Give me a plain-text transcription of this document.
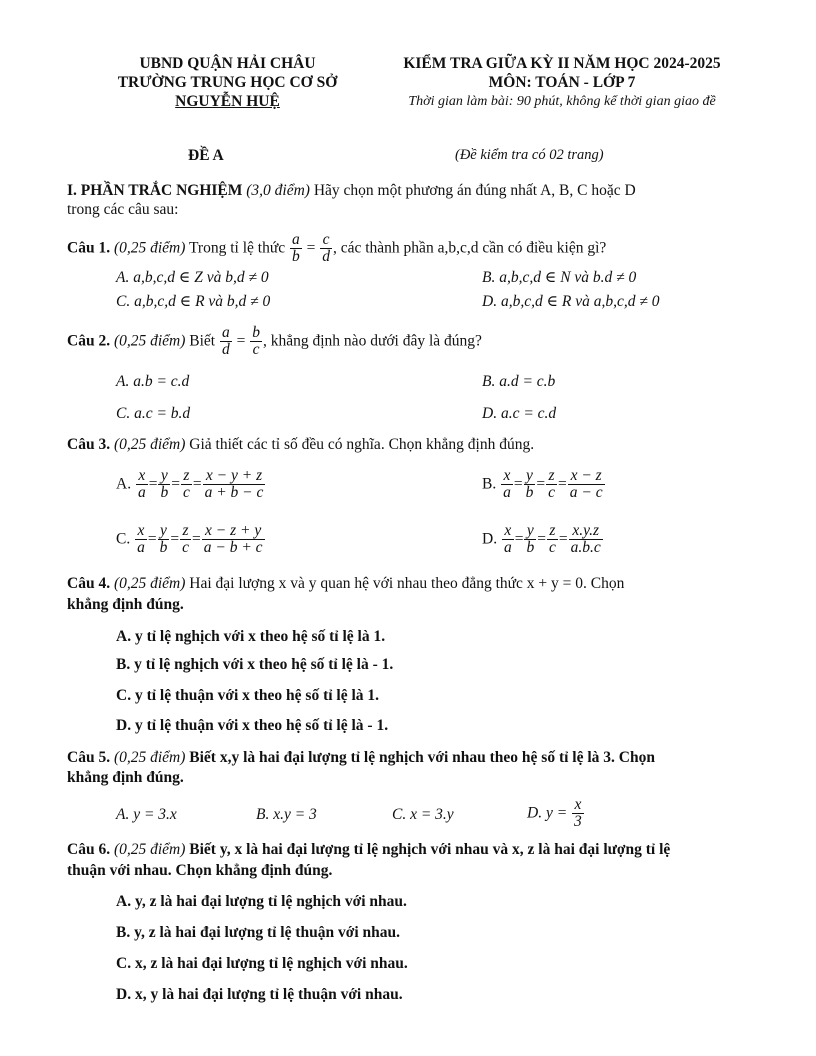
UBND QUẬN HẢI CHÂU
TRƯỜNG TRUNG HỌC CƠ SỞ
NGUYỄN HUỆ
KIỂM TRA GIỮA KỲ II NĂM HỌC 2024-2025
MÔN: TOÁN - LỚP 7
Thời gian làm bài: 90 phút, không kể thời gian giao đề
ĐỀ A	(Đề kiểm tra có 02 trang)
I. PHẦN TRẮC NGHIỆM (3,0 điểm) Hãy chọn một phương án đúng nhất A, B, C hoặc D
trong các câu sau:
Câu 1. (0,25 điểm) Trong tỉ lệ thức $\frac{a}{b} = \frac{c}{d}$ , các thành phần a,b,c,d cần có điều kiện gì?
A. a,b,c,d ∈ Z và b,d ≠ 0	B. a,b,c,d ∈ N và b.d ≠ 0
C. a,b,c,d ∈ R và b,d ≠ 0	D. a,b,c,d ∈ R và a,b,c,d ≠ 0
Câu 2. (0,25 điểm) Biết $\frac{a}{d} = \frac{b}{c}$ , khẳng định nào dưới đây là đúng?
A. a.b = c.d	B. a.d = c.b
C. a.c = b.d	D. a.c = c.d
Câu 3. (0,25 điểm) Giả thiết các tỉ số đều có nghĩa. Chọn khẳng định đúng.
A. $\frac{x}{a} = \frac{y}{b} = \frac{z}{c} = \frac{x - y + z}{a + b - c}$	B. $\frac{x}{a} = \frac{y}{b} = \frac{z}{c} = \frac{x - z}{a - c}$
C. $\frac{x}{a} = \frac{y}{b} = \frac{z}{c} = \frac{x - z + y}{a - b + c}$	D. $\frac{x}{a} = \frac{y}{b} = \frac{z}{c} = \frac{x.y.z}{a.b.c}$
Câu 4. (0,25 điểm) Hai đại lượng x và y quan hệ với nhau theo đẳng thức x + y = 0. Chọn
khẳng định đúng.
A. y tỉ lệ nghịch với x theo hệ số tỉ lệ là 1.
B. y tỉ lệ nghịch với x theo hệ số tỉ lệ là - 1.
C. y tỉ lệ thuận với x theo hệ số tỉ lệ là 1.
D. y tỉ lệ thuận với x theo hệ số tỉ lệ là - 1.
Câu 5. (0,25 điểm) Biết x,y là hai đại lượng tỉ lệ nghịch với nhau theo hệ số tỉ lệ là 3. Chọn
khẳng định đúng.
A. y = 3.x	B. x.y = 3	C. x = 3.y	D. $y = \frac{x}{3}$
Câu 6. (0,25 điểm) Biết y, x là hai đại lượng tỉ lệ nghịch với nhau và x, z là hai đại lượng tỉ lệ
thuận với nhau. Chọn khẳng định đúng.
A. y, z là hai đại lượng tỉ lệ nghịch với nhau.
B. y, z là hai đại lượng tỉ lệ thuận với nhau.
C. x, z là hai đại lượng tỉ lệ nghịch với nhau.
D. x, y là hai đại lượng tỉ lệ thuận với nhau.
